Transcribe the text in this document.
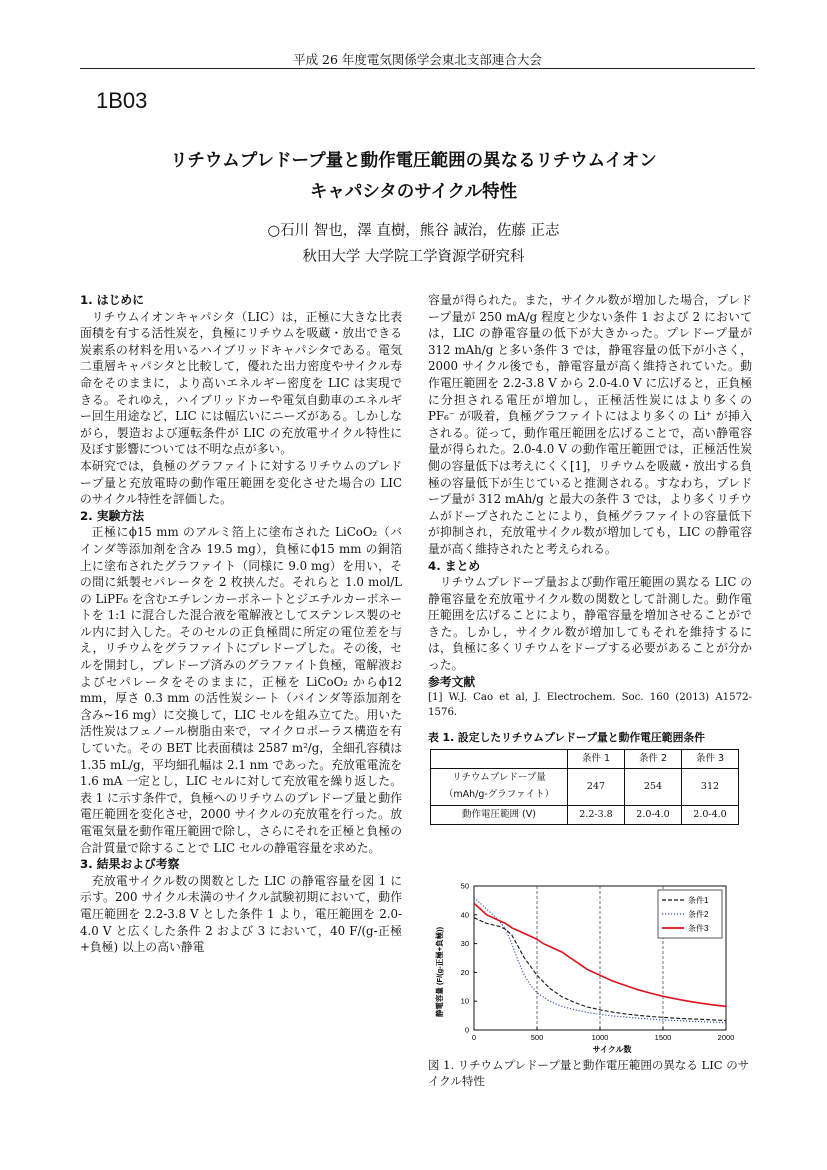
平成 26 年度電気関係学会東北支部連合大会
1B03
リチウムプレドープ量と動作電圧範囲の異なるリチウムイオン
キャパシタのサイクル特性
○石川 智也，澤 直樹，熊谷 誠治，佐藤 正志
秋田大学 大学院工学資源学研究科
1. はじめに

リチウムイオンキャパシタ（LIC）は，正極に大きな比表面積を有する活性炭を，負極にリチウムを吸蔵・放出できる炭素系の材料を用いるハイブリッドキャパシタである。電気二重層キャパシタと比較して，優れた出力密度やサイクル寿命をそのままに，より高いエネルギー密度を LIC は実現できる。それゆえ，ハイブリッドカーや電気自動車のエネルギー回生用途など，LIC には幅広いにニーズがある。しかしながら，製造および運転条件が LIC の充放電サイクル特性に及ぼす影響については不明な点が多い。

本研究では，負極のグラファイトに対するリチウムのプレドープ量と充放電時の動作電圧範囲を変化させた場合の LIC のサイクル特性を評価した。

2. 実験方法

正極にϕ15 mm のアルミ箔上に塗布された LiCoO₂（バインダ等添加剤を含み 19.5 mg），負極にϕ15 mm の銅箔上に塗布されたグラファイト（同様に 9.0 mg）を用い，その間に紙製セパレータを 2 枚挟んだ。それらと 1.0 mol/L の LiPF₆ を含むエチレンカーボネートとジエチルカーボネートを 1:1 に混合した混合液を電解液としてステンレス製のセル内に封入した。そのセルの正負極間に所定の電位差を与え，リチウムをグラファイトにプレドープした。その後，セルを開封し，プレドープ済みのグラファイト負極，電解液およびセパレータをそのままに，正極を LiCoO₂ からϕ12 mm，厚さ 0.3 mm の活性炭シート（バインダ等添加剤を含み~16 mg）に交換して，LIC セルを組み立てた。用いた活性炭はフェノール樹脂由来で，マイクロポーラス構造を有していた。その BET 比表面積は 2587 m²/g，全細孔容積は 1.35 mL/g，平均細孔幅は 2.1 nm であった。充放電電流を 1.6 mA 一定とし，LIC セルに対して充放電を繰り返した。表 1 に示す条件で，負極へのリチウムのプレドープ量と動作電圧範囲を変化させ，2000 サイクルの充放電を行った。放電電気量を動作電圧範囲で除し，さらにそれを正極と負極の合計質量で除することで LIC セルの静電容量を求めた。

3. 結果および考察

充放電サイクル数の関数とした LIC の静電容量を図 1 に示す。200 サイクル未満のサイクル試験初期において，動作電圧範囲を 2.2-3.8 V とした条件 1 より，電圧範囲を 2.0-4.0 V と広くした条件 2 および 3 において，40 F/(g-正極+負極) 以上の高い静電

容量が得られた。また，サイクル数が増加した場合，プレドープ量が 250 mA/g 程度と少ない条件 1 および 2 においては，LIC の静電容量の低下が大きかった。プレドープ量が 312 mAh/g と多い条件 3 では，静電容量の低下が小さく，2000 サイクル後でも，静電容量が高く維持されていた。動作電圧範囲を 2.2-3.8 V から 2.0-4.0 V に広げると，正負極に分担される電圧が増加し，正極活性炭にはより多くの PF₆⁻ が吸着，負極グラファイトにはより多くの Li⁺ が挿入される。従って，動作電圧範囲を広げることで，高い静電容量が得られた。2.0-4.0 V の動作電圧範囲では，正極活性炭側の容量低下は考えにくく[1]，リチウムを吸蔵・放出する負極の容量低下が生じていると推測される。すなわち，プレドープ量が 312 mAh/g と最大の条件 3 では，より多くリチウムがドープされたことにより，負極グラファイトの容量低下が抑制され，充放電サイクル数が増加しても，LIC の静電容量が高く維持されたと考えられる。

4. まとめ

リチウムプレドープ量および動作電圧範囲の異なる LIC の静電容量を充放電サイクル数の関数として計測した。動作電圧範囲を広げることにより，静電容量を増加させることができた。しかし，サイクル数が増加してもそれを維持するには，負極に多くリチウムをドープする必要があることが分かった。

参考文献

[1] W.J. Cao et al, J. Electrochem. Soc. 160 (2013) A1572-1576.

表 1. 設定したリチウムプレドープ量と動作電圧範囲条件
	条件 1	条件 2	条件 3
リチウムプレドープ量（mAh/g-グラファイト）	247	254	312
動作電圧範囲 (V)	2.2-3.8	2.0-4.0	2.0-4.0
0	500	1000	1500	2000
0
10
20
30
40
50
条件1
条件2
条件3
サイクル数
静電容量 (F/(g-正極+負極))
図 1. リチウムプレドープ量と動作電圧範囲の異なる LIC のサイクル特性
